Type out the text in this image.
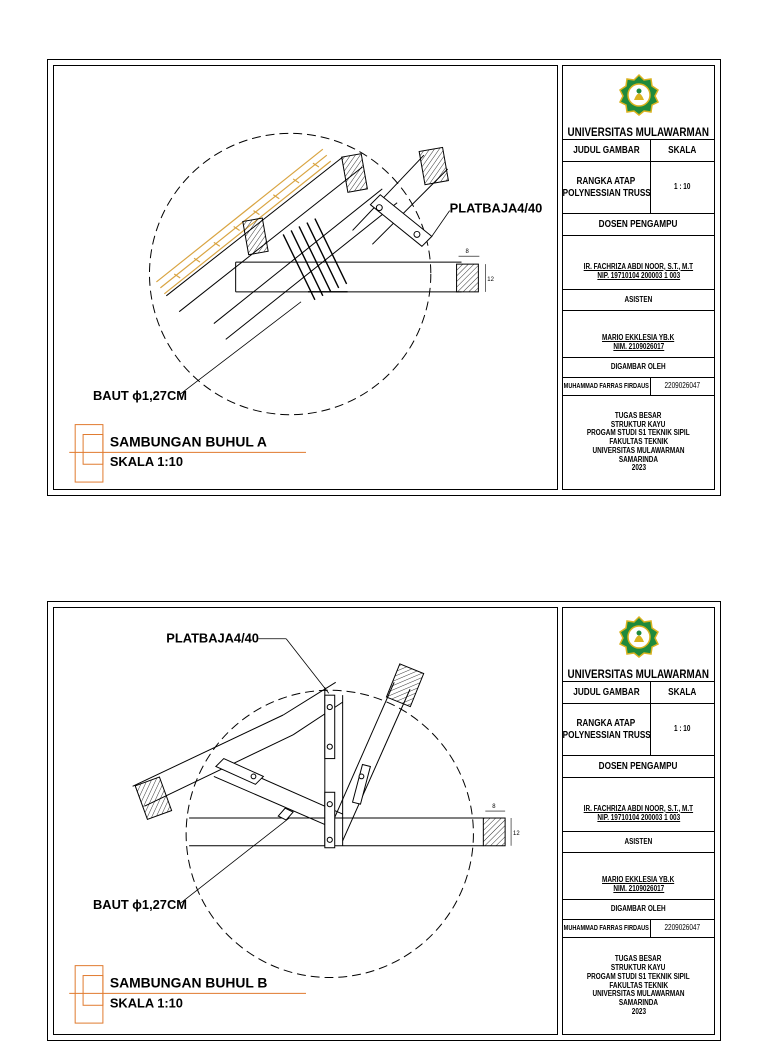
8
12
PLATBAJA4/40
BAUT ϕ1,27CM
SAMBUNGAN BUHUL A
SKALA 1:10
UNIVERSITAS MULAWARMAN
JUDUL GAMBAR	SKALA
RANGKA ATAP
POLYNESSIAN TRUSS
1 : 10
DOSEN PENGAMPU
IR. FACHRIZA ABDI NOOR, S.T., M.T
NIP. 19710104 200003 1 003
ASISTEN
MARIO EKKLESIA YB.K
NIM. 2109026017
DIGAMBAR OLEH
MUHAMMAD FARRAS FIRDAUS 2209026047
TUGAS BESAR
STRUKTUR KAYU
PROGAM STUDI S1 TEKNIK SIPIL
FAKULTAS TEKNIK
UNIVERSITAS MULAWARMAN
SAMARINDA
2023
8
12
PLATBAJA4/40
BAUT ϕ1,27CM
SAMBUNGAN BUHUL B
SKALA 1:10
UNIVERSITAS MULAWARMAN
JUDUL GAMBAR	SKALA
RANGKA ATAP
POLYNESSIAN TRUSS
1 : 10
DOSEN PENGAMPU
IR. FACHRIZA ABDI NOOR, S.T., M.T
NIP. 19710104 200003 1 003
ASISTEN
MARIO EKKLESIA YB.K
NIM. 2109026017
DIGAMBAR OLEH
MUHAMMAD FARRAS FIRDAUS 2209026047
TUGAS BESAR
STRUKTUR KAYU
PROGAM STUDI S1 TEKNIK SIPIL
FAKULTAS TEKNIK
UNIVERSITAS MULAWARMAN
SAMARINDA
2023
